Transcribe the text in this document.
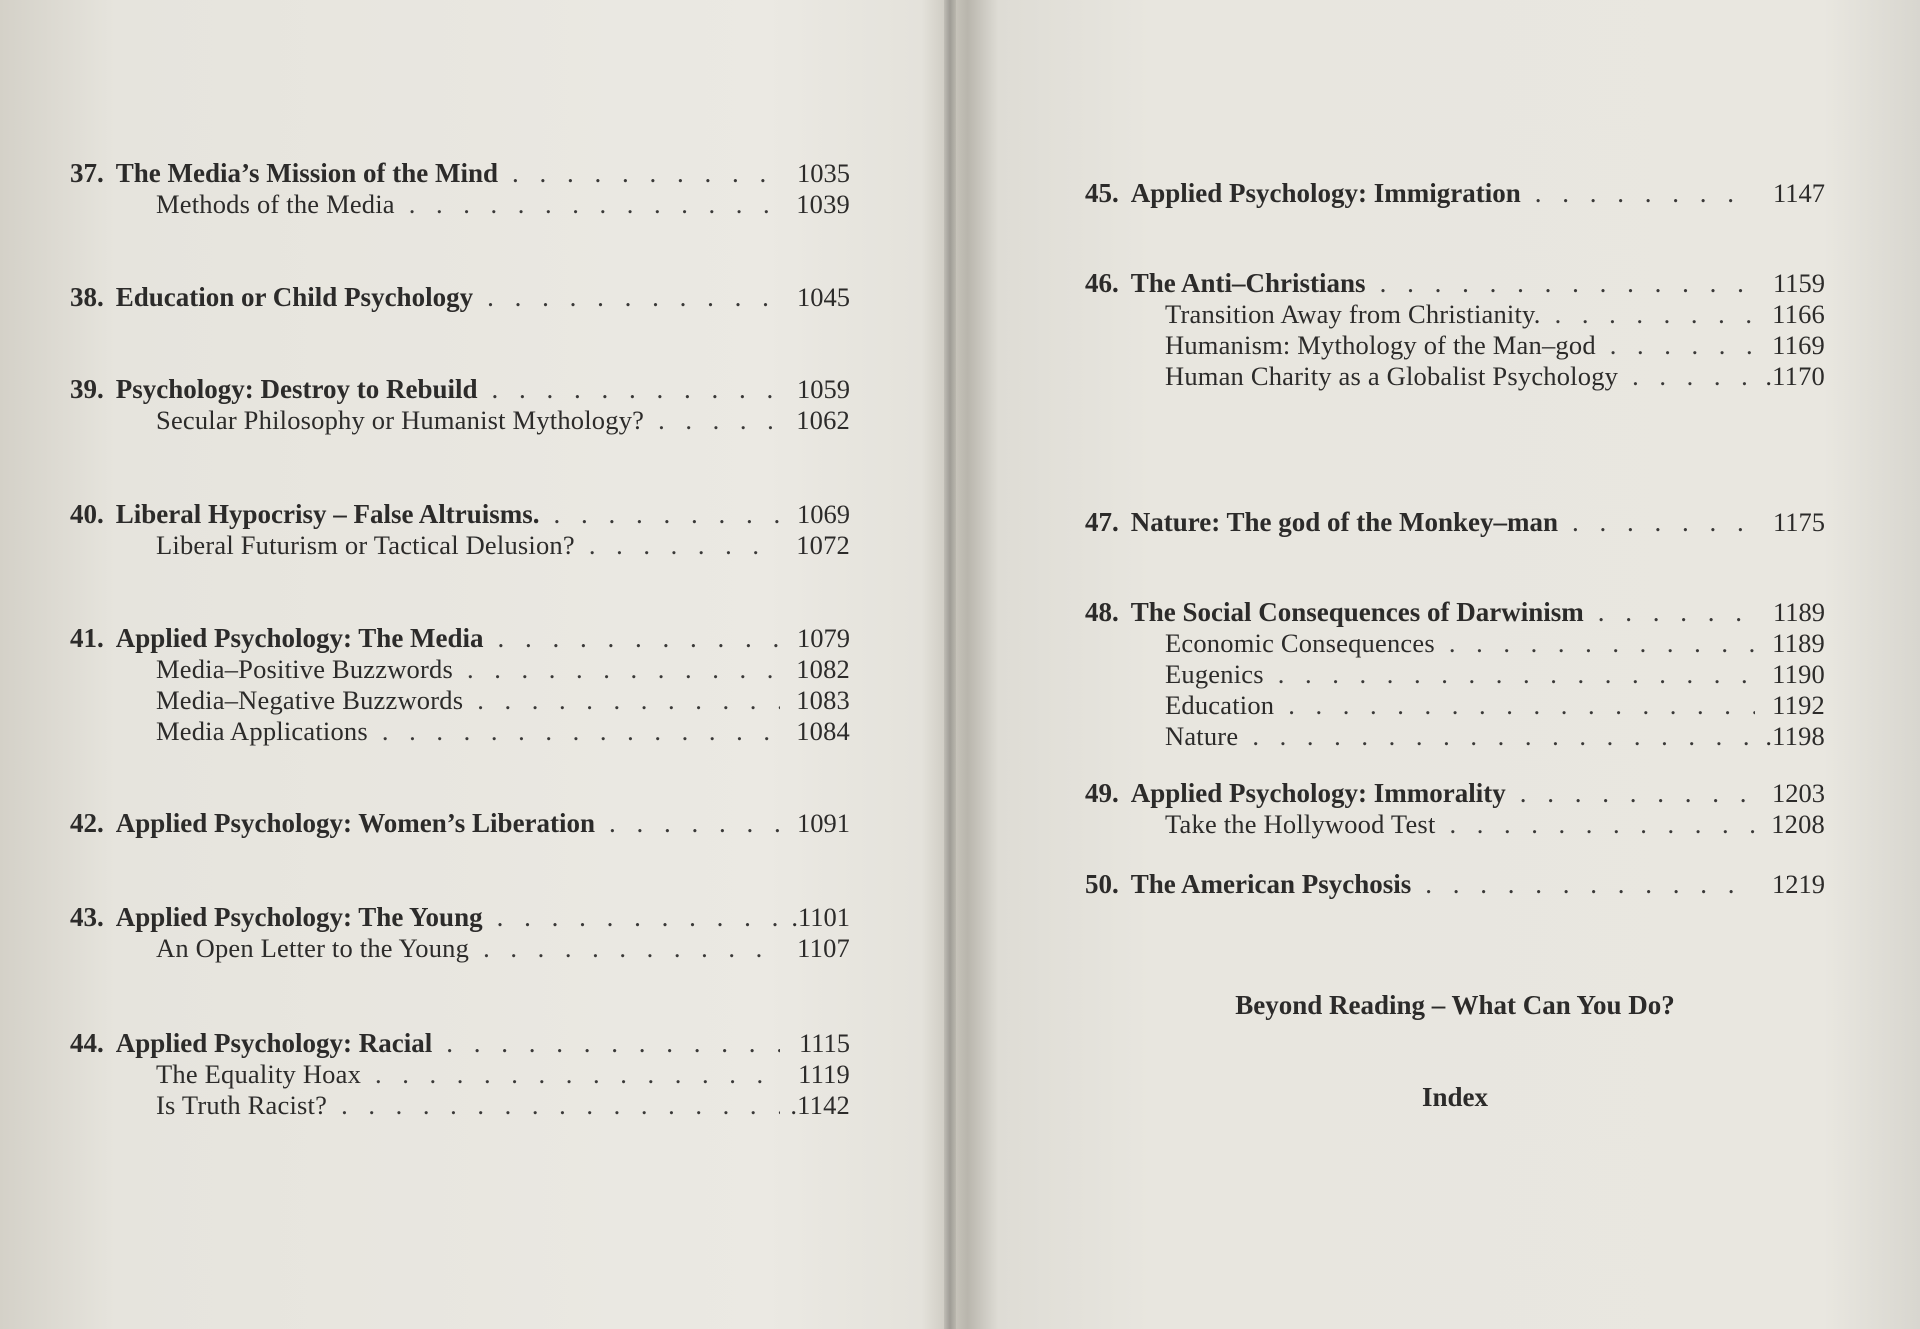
37. The Media’s Mission of the Mind . . .	1035
Methods of the Media . . .	1039
38. Education or Child Psychology . . .	1045
39. Psychology: Destroy to Rebuild . . .	1059
Secular Philosophy or Humanist Mythology? . . .	1062
40. Liberal Hypocrisy – False Altruisms. . . .	1069
Liberal Futurism or Tactical Delusion? . . .	1072
41. Applied Psychology: The Media . . .	1079
Media–Positive Buzzwords . . .	1082
Media–Negative Buzzwords . . .	1083
Media Applications . . .	1084
42. Applied Psychology: Women’s Liberation . . .	1091
43. Applied Psychology: The Young . . .	.1101
An Open Letter to the Young . . .	1107
44. Applied Psychology: Racial . . .	1115
The Equality Hoax . . .	1119
Is Truth Racist? . . .	.1142
45. Applied Psychology: Immigration . . .	1147
46. The Anti–Christians . . .	1159
Transition Away from Christianity. . . .	1166
Humanism: Mythology of the Man–god . . .	1169
Human Charity as a Globalist Psychology . . .	.1170
47. Nature: The god of the Monkey–man . . .	1175
48. The Social Consequences of Darwinism . . .	1189
Economic Consequences . . .	1189
Eugenics . . .	1190
Education . . .	1192
Nature . . .	.1198
49. Applied Psychology: Immorality . . .	1203
Take the Hollywood Test . . .	1208
50. The American Psychosis . . .	1219
Beyond Reading – What Can You Do?
Index
